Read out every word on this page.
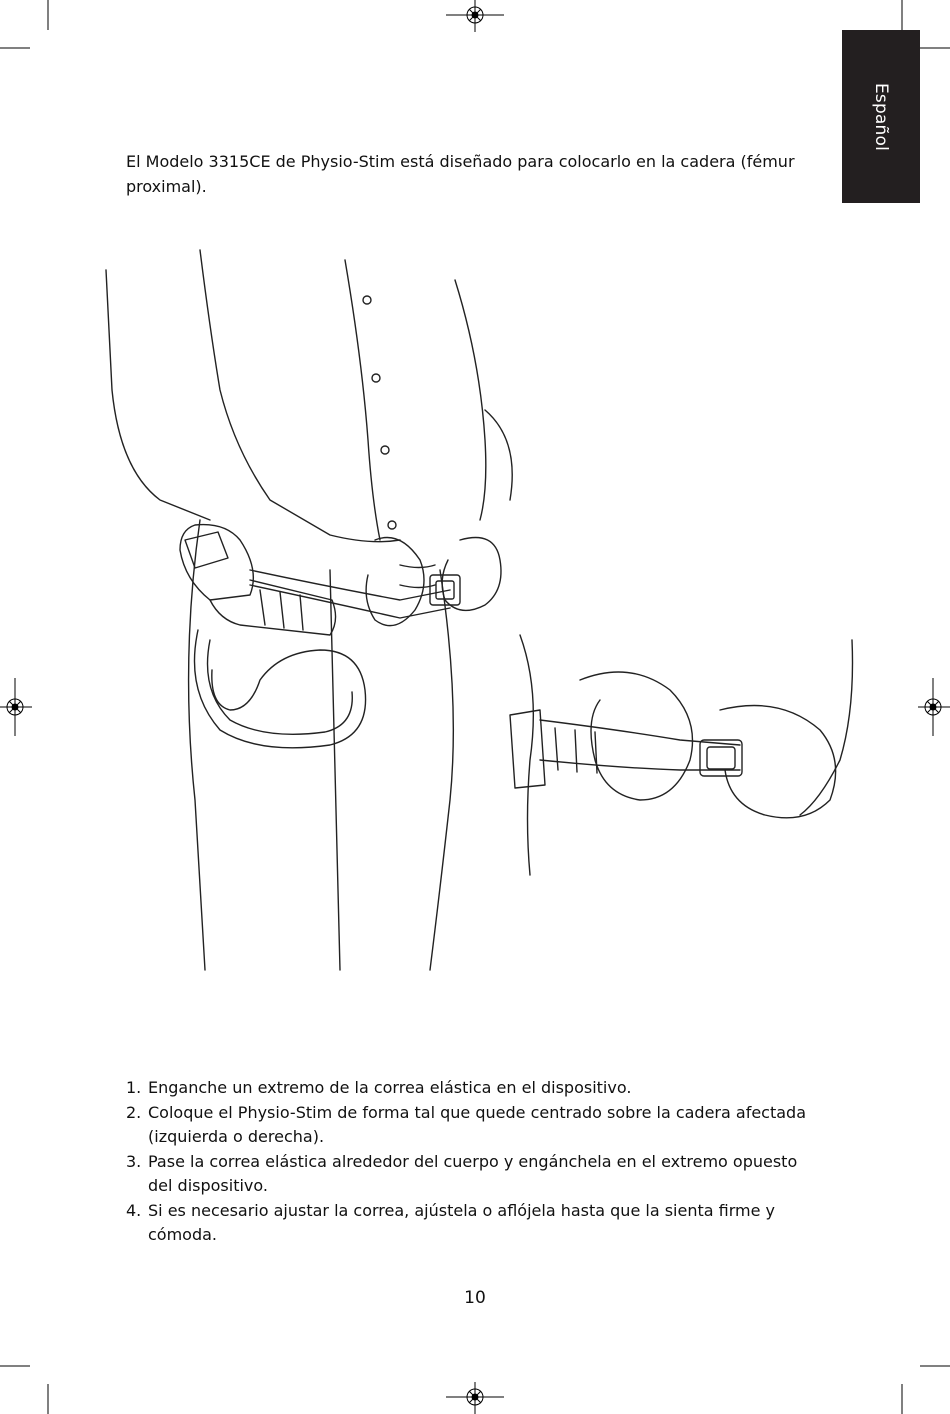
Español

El Modelo 3315CE de Physio-Stim está diseñado para colocarlo en la cadera (fémur proximal).

1. Enganche un extremo de la correa elástica en el dispositivo.
2. Coloque el Physio-Stim de forma tal que quede centrado sobre la cadera afectada (izquierda o derecha).
3. Pase la correa elástica alrededor del cuerpo y engánchela en el extremo opuesto del dispositivo.
4. Si es necesario ajustar la correa, ajústela o aflójela hasta que la sienta firme y cómoda.
10
